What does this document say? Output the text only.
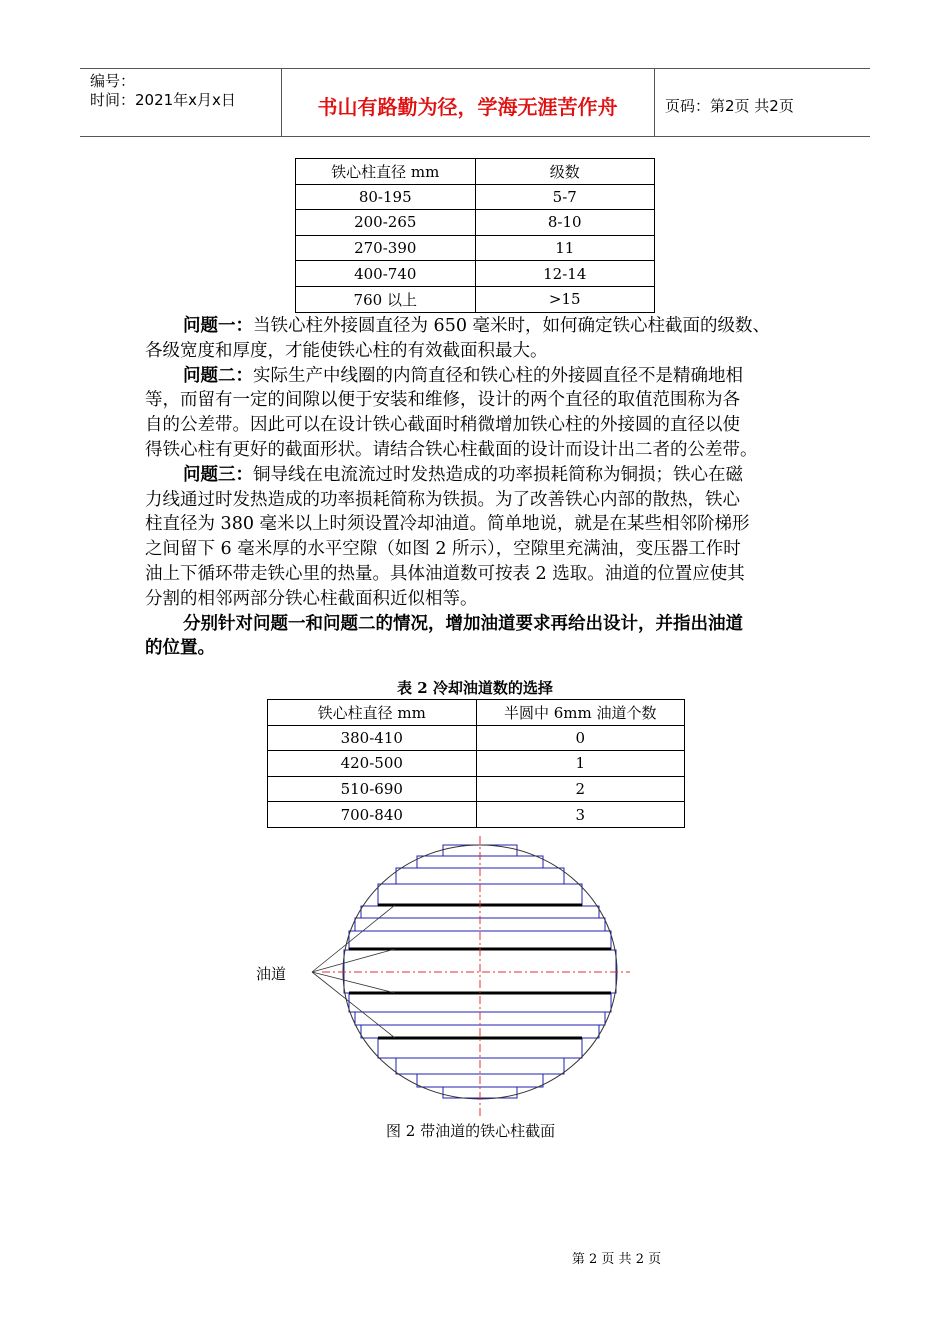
编号：
时间：2021年x月x日	书山有路勤为径，学海无涯苦作舟	页码：第2页 共2页
铁心柱直径 mm	级数
80-195	5-7
200-265	8-10
270-390	11
400-740	12-14
760 以上	>15
问题一：当铁心柱外接圆直径为 650 毫米时，如何确定铁心柱截面的级数、
各级宽度和厚度，才能使铁心柱的有效截面积最大。
问题二：实际生产中线圈的内筒直径和铁心柱的外接圆直径不是精确地相
等，而留有一定的间隙以便于安装和维修，设计的两个直径的取值范围称为各
自的公差带。因此可以在设计铁心截面时稍微增加铁心柱的外接圆的直径以使
得铁心柱有更好的截面形状。请结合铁心柱截面的设计而设计出二者的公差带。
问题三：铜导线在电流流过时发热造成的功率损耗简称为铜损；铁心在磁
力线通过时发热造成的功率损耗简称为铁损。为了改善铁心内部的散热，铁心
柱直径为 380 毫米以上时须设置冷却油道。简单地说，就是在某些相邻阶梯形
之间留下 6 毫米厚的水平空隙（如图 2 所示），空隙里充满油，变压器工作时
油上下循环带走铁心里的热量。具体油道数可按表 2 选取。油道的位置应使其
分割的相邻两部分铁心柱截面积近似相等。
分别针对问题一和问题二的情况，增加油道要求再给出设计，并指出油道
的位置。
表 2 冷却油道数的选择
铁心柱直径 mm	半圆中 6mm 油道个数
380-410	0
420-500	1
510-690	2
700-840	3
油道
图 2 带油道的铁心柱截面
第 2 页 共 2 页
